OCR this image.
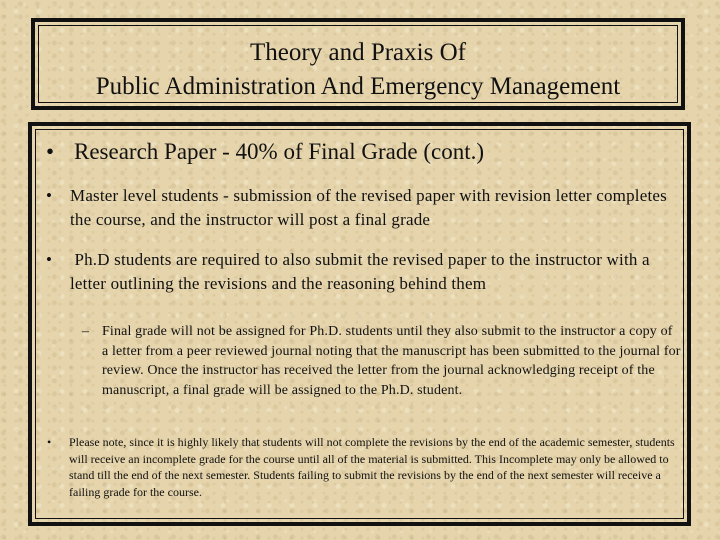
Theory and Praxis Of
Public Administration And Emergency Management
• Research Paper - 40% of Final Grade (cont.)
• Master level students - submission of the revised paper with revision letter completes the course, and the instructor will post a final grade
• Ph.D students are required to also submit the revised paper to the instructor with a letter outlining the revisions and the reasoning behind them
– Final grade will not be assigned for Ph.D. students until they also submit to the instructor a copy of a letter from a peer reviewed journal noting that the manuscript has been submitted to the journal for review. Once the instructor has received the letter from the journal acknowledging receipt of the manuscript, a final grade will be assigned to the Ph.D. student.
• Please note, since it is highly likely that students will not complete the revisions by the end of the academic semester, students will receive an incomplete grade for the course until all of the material is submitted. This Incomplete may only be allowed to stand till the end of the next semester. Students failing to submit the revisions by the end of the next semester will receive a failing grade for the course.
